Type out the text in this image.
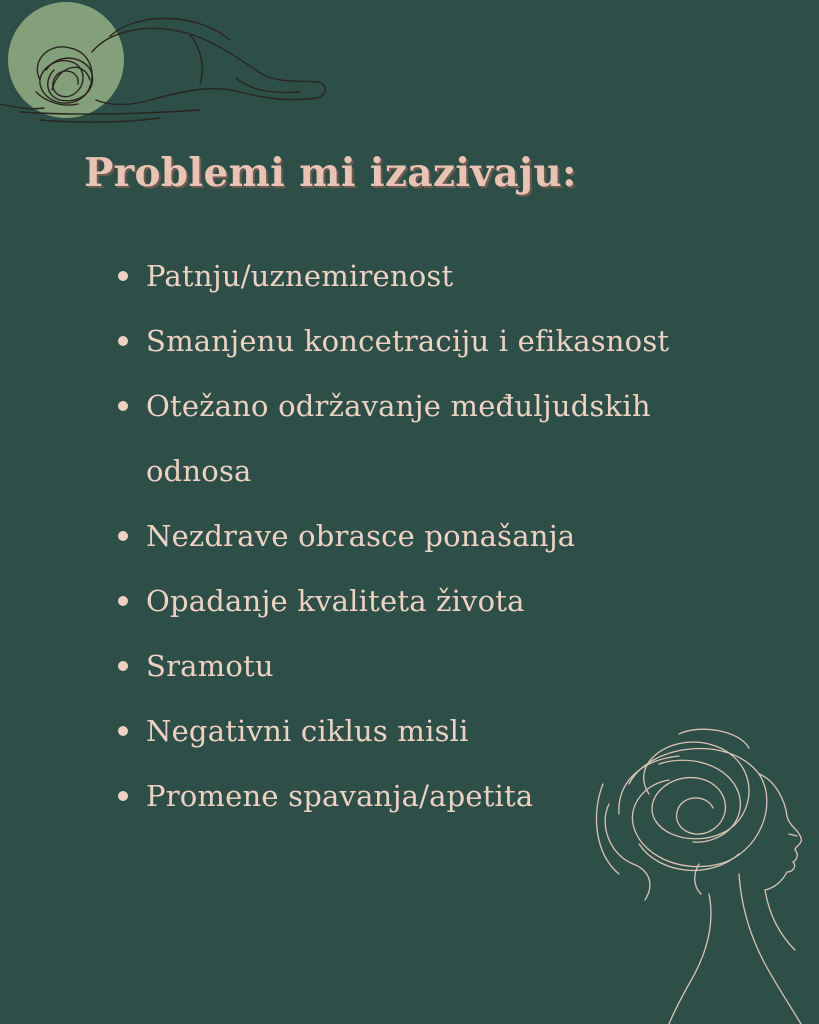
Problemi mi izazivaju:
Patnju/uznemirenost
Smanjenu koncetraciju i efikasnost
Otežano održavanje međuljudskih odnosa
Nezdrave obrasce ponašanja
Opadanje kvaliteta života
Sramotu
Negativni ciklus misli
Promene spavanja/apetita
